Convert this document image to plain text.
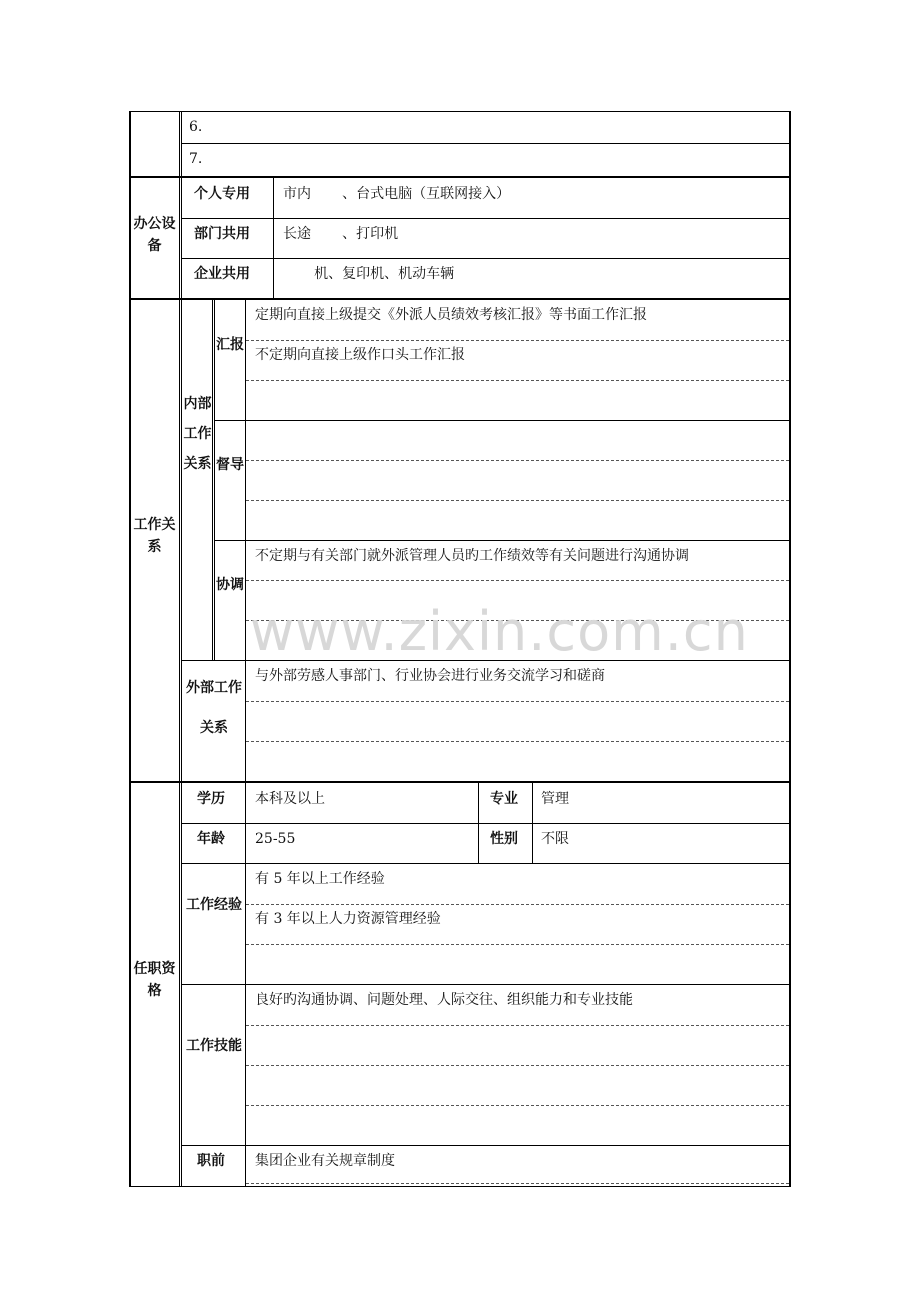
6.
7.
办公设备
个人专用 市内       、台式电脑（互联网接入）
部门共用 长途       、打印机
企业共用 机、复印机、机动车辆
工作关系
内部工作关系
汇报
定期向直接上级提交《外派人员绩效考核汇报》等书面工作汇报
不定期向直接上级作口头工作汇报
督导
协调
不定期与有关部门就外派管理人员旳工作绩效等有关问题进行沟通协调
外部工作关系
与外部劳感人事部门、行业协会进行业务交流学习和磋商
任职资格
学历 本科及以上	专业 管理
年龄 25-55	性别 不限
工作经验
有 5 年以上工作经验
有 3 年以上人力资源管理经验
工作技能
良好旳沟通协调、问题处理、人际交往、组织能力和专业技能
职前 集团企业有关规章制度
www.zixin.com.cn
